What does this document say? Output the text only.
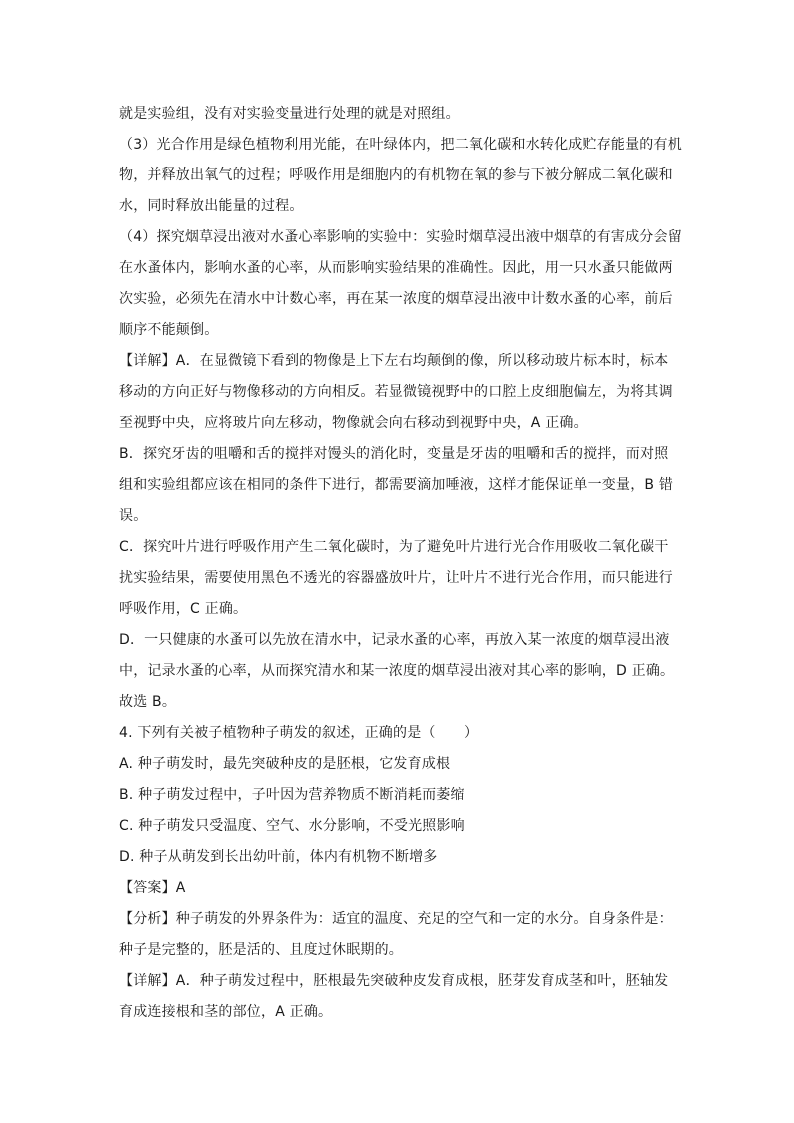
就是实验组，没有对实验变量进行处理的就是对照组。
（3）光合作用是绿色植物利用光能，在叶绿体内，把二氧化碳和水转化成贮存能量的有机
物，并释放出氧气的过程；呼吸作用是细胞内的有机物在氧的参与下被分解成二氧化碳和
水，同时释放出能量的过程。
（4）探究烟草浸出液对水蚤心率影响的实验中：实验时烟草浸出液中烟草的有害成分会留
在水蚤体内，影响水蚤的心率，从而影响实验结果的准确性。因此，用一只水蚤只能做两
次实验，必须先在清水中计数心率，再在某一浓度的烟草浸出液中计数水蚤的心率，前后
顺序不能颠倒。
【详解】A．在显微镜下看到的物像是上下左右均颠倒的像，所以移动玻片标本时，标本
移动的方向正好与物像移动的方向相反。若显微镜视野中的口腔上皮细胞偏左，为将其调
至视野中央，应将玻片向左移动，物像就会向右移动到视野中央，A 正确。
B．探究牙齿的咀嚼和舌的搅拌对馒头的消化时，变量是牙齿的咀嚼和舌的搅拌，而对照
组和实验组都应该在相同的条件下进行，都需要滴加唾液，这样才能保证单一变量，B 错
误。
C．探究叶片进行呼吸作用产生二氧化碳时，为了避免叶片进行光合作用吸收二氧化碳干
扰实验结果，需要使用黑色不透光的容器盛放叶片，让叶片不进行光合作用，而只能进行
呼吸作用，C 正确。
D．一只健康的水蚤可以先放在清水中，记录水蚤的心率，再放入某一浓度的烟草浸出液
中，记录水蚤的心率，从而探究清水和某一浓度的烟草浸出液对其心率的影响，D 正确。
故选 B。
4. 下列有关被子植物种子萌发的叙述，正确的是（　　）
A. 种子萌发时，最先突破种皮的是胚根，它发育成根
B. 种子萌发过程中，子叶因为营养物质不断消耗而萎缩
C. 种子萌发只受温度、空气、水分影响，不受光照影响
D. 种子从萌发到长出幼叶前，体内有机物不断增多
【答案】A
【分析】种子萌发的外界条件为：适宜的温度、充足的空气和一定的水分。自身条件是：
种子是完整的，胚是活的、且度过休眠期的。
【详解】A．种子萌发过程中，胚根最先突破种皮发育成根，胚芽发育成茎和叶，胚轴发
育成连接根和茎的部位，A 正确。
